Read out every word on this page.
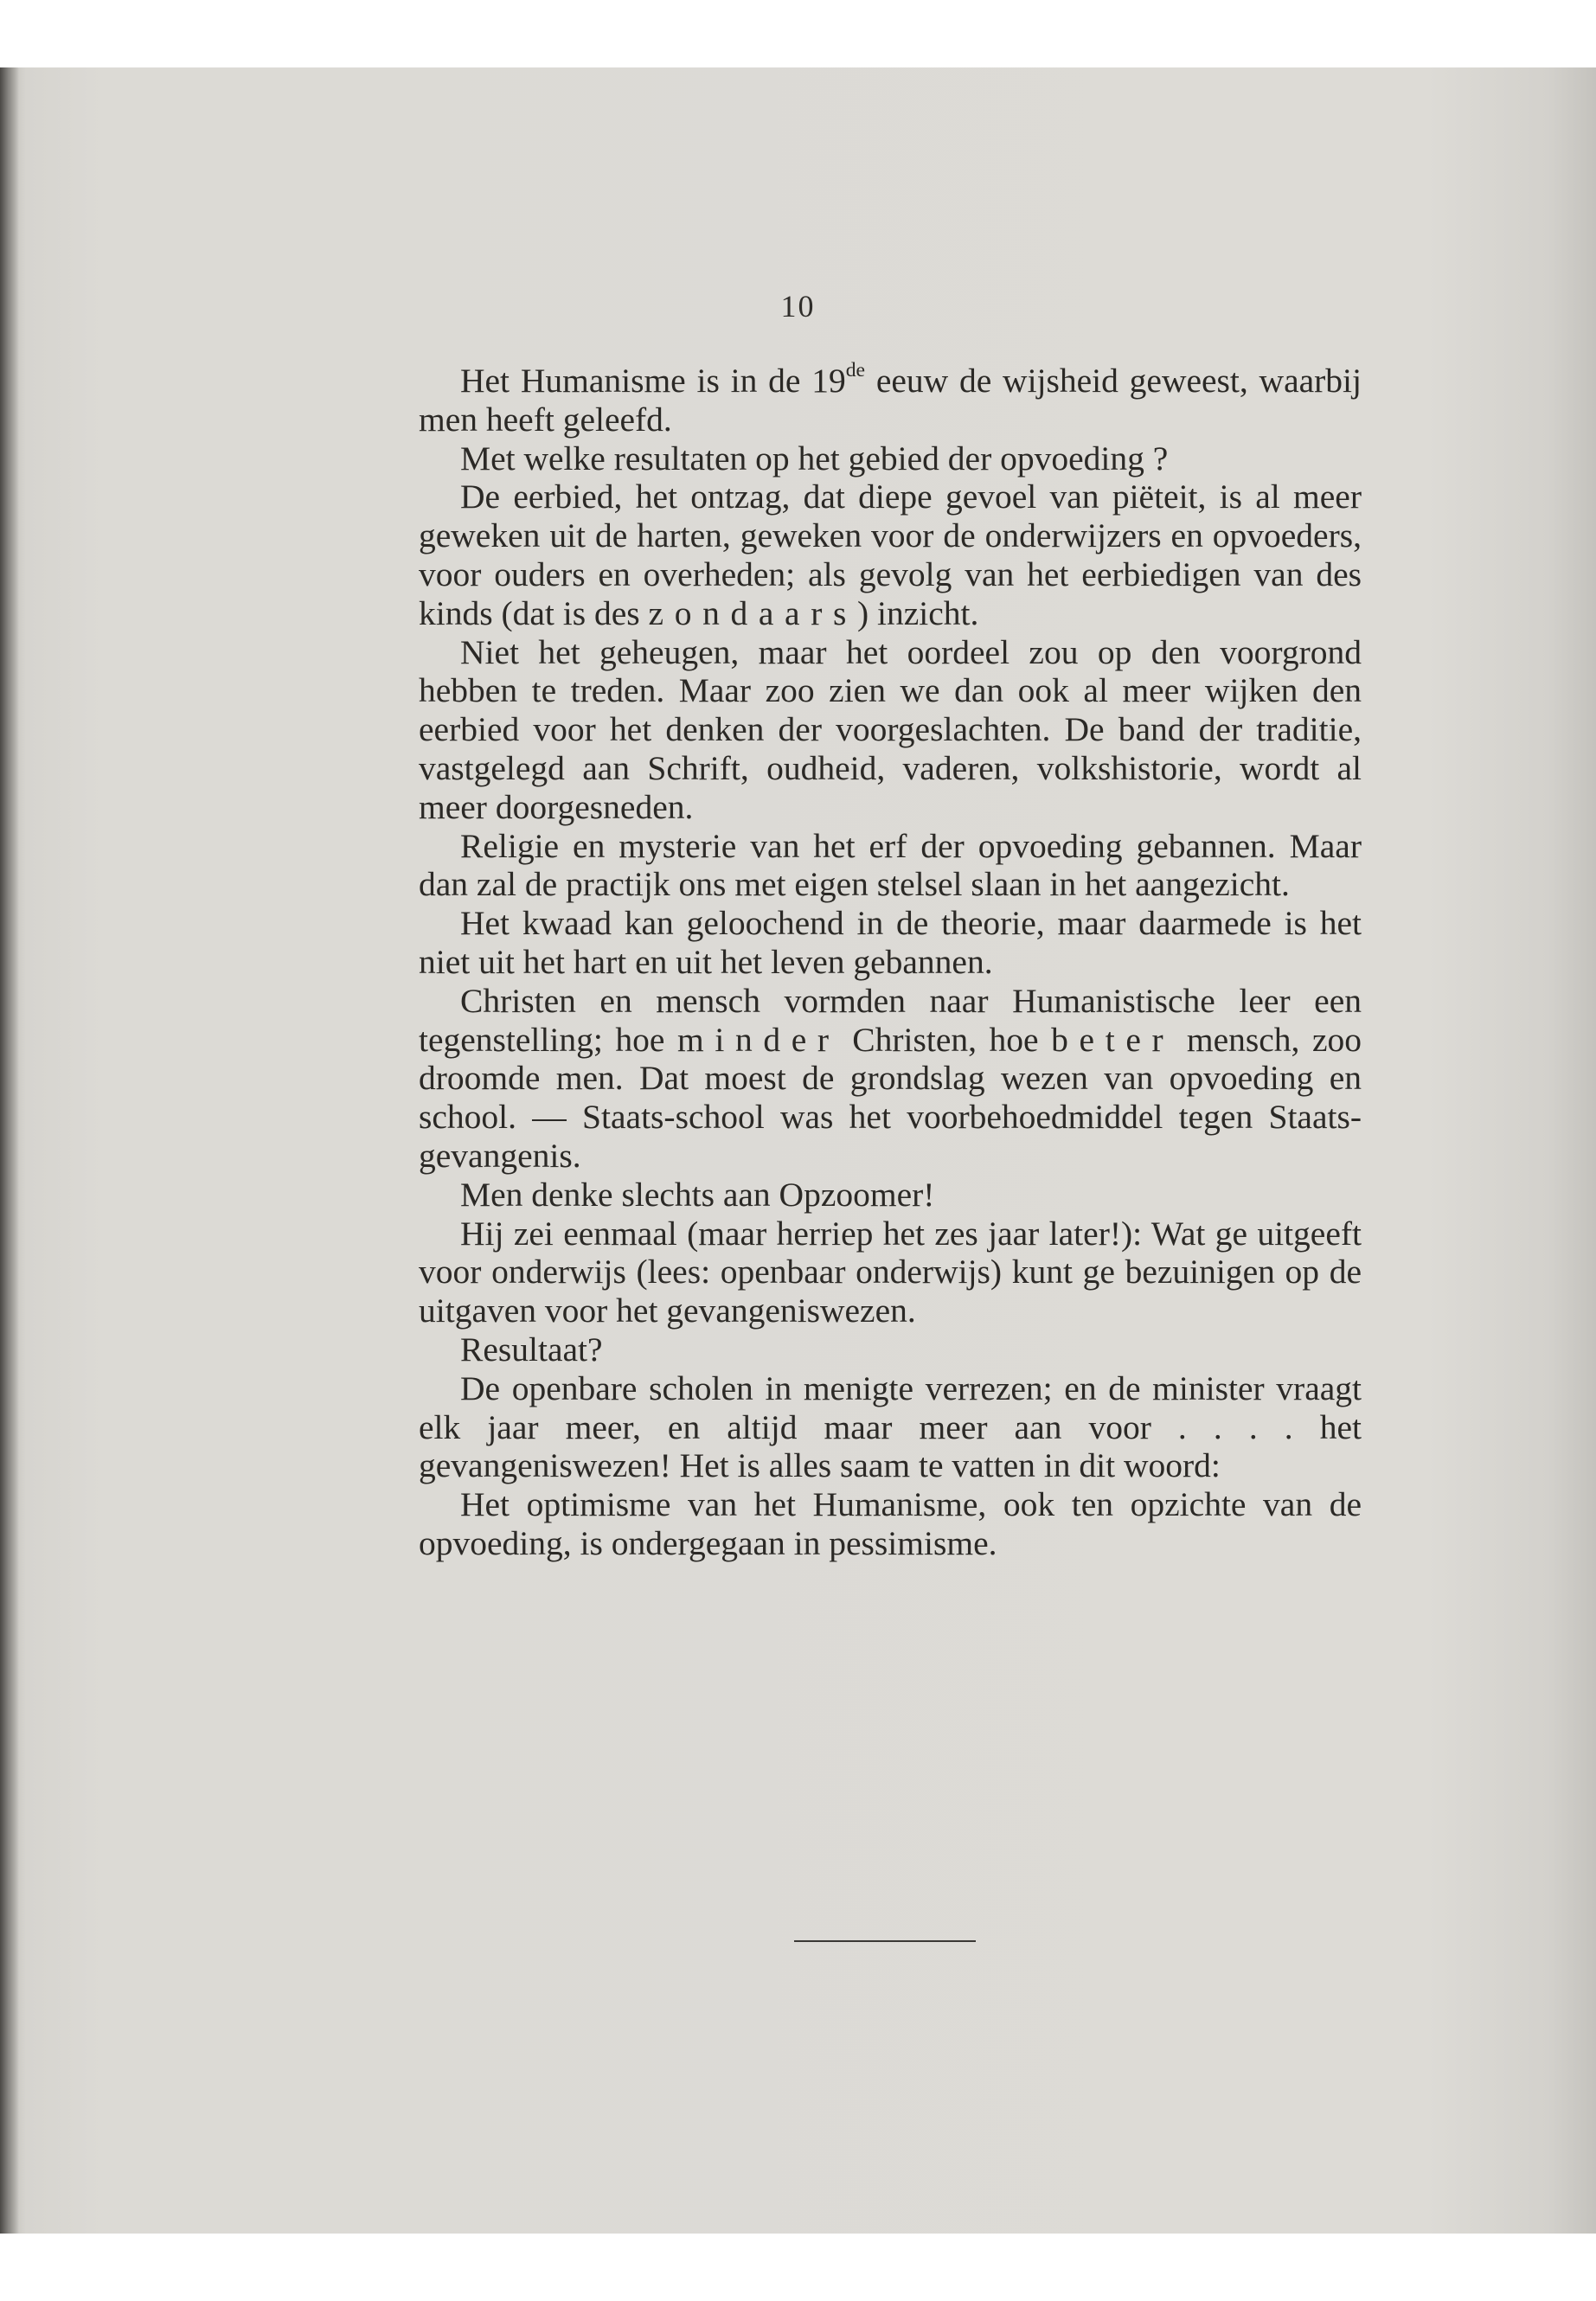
10

Het Humanisme is in de 19de eeuw de wijsheid geweest, waarbij men heeft geleefd.

Met welke resultaten op het gebied der opvoeding ?

De eerbied, het ontzag, dat diepe gevoel van piëteit, is al meer geweken uit de harten, geweken voor de onderwijzers en opvoeders, voor ouders en overheden; als gevolg van het eerbiedigen van des kinds (dat is des zondaars) inzicht.

Niet het geheugen, maar het oordeel zou op den voorgrond hebben te treden. Maar zoo zien we dan ook al meer wijken den eerbied voor het denken der voorgeslachten. De band der traditie, vastgelegd aan Schrift, oudheid, vaderen, volkshistorie, wordt al meer doorgesneden.

Religie en mysterie van het erf der opvoeding gebannen. Maar dan zal de practijk ons met eigen stelsel slaan in het aangezicht.

Het kwaad kan geloochend in de theorie, maar daarmede is het niet uit het hart en uit het leven gebannen.

Christen en mensch vormden naar Humanistische leer een tegenstelling; hoe minder Christen, hoe beter mensch, zoo droomde men. Dat moest de grondslag wezen van opvoeding en school. — Staats-school was het voorbehoedmiddel tegen Staats-gevangenis.

Men denke slechts aan Opzoomer!

Hij zei eenmaal (maar herriep het zes jaar later!): Wat ge uitgeeft voor onderwijs (lees: openbaar onderwijs) kunt ge bezuinigen op de uitgaven voor het gevangeniswezen.

Resultaat?

De openbare scholen in menigte verrezen; en de minister vraagt elk jaar meer, en altijd maar meer aan voor . . . . het gevangeniswezen! Het is alles saam te vatten in dit woord:

Het optimisme van het Humanisme, ook ten opzichte van de opvoeding, is ondergegaan in pessimisme.
